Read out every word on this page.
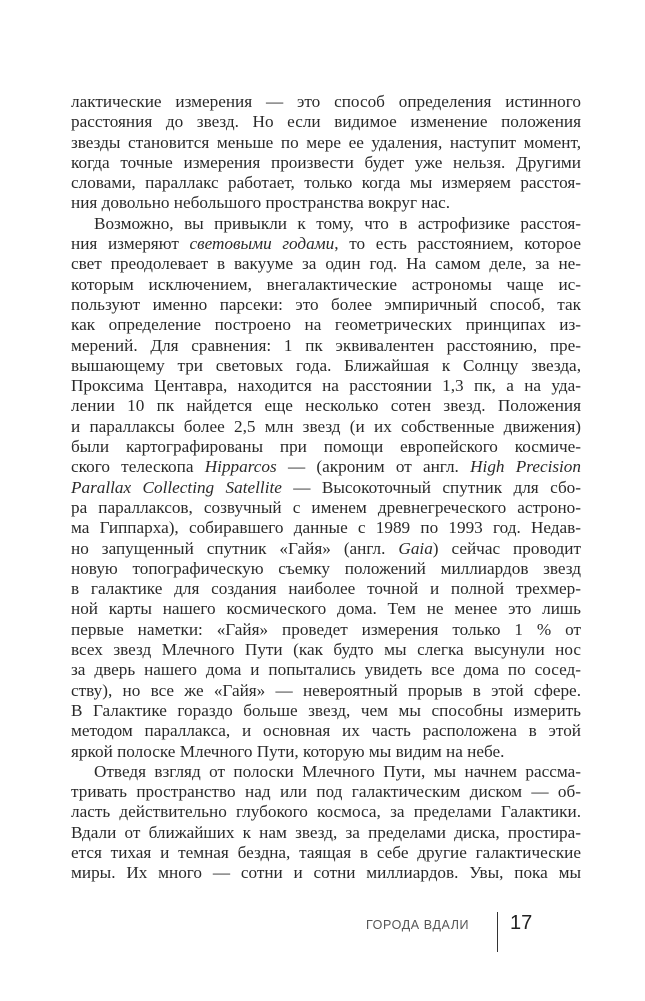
лактические измерения — это способ определения истинного
расстояния до звезд. Но если видимое изменение положения
звезды становится меньше по мере ее удаления, наступит момент,
когда точные измерения произвести будет уже нельзя. Другими
словами, параллакс работает, только когда мы измеряем расстоя-
ния довольно небольшого пространства вокруг нас.
Возможно, вы привыкли к тому, что в астрофизике расстоя-
ния измеряют световыми годами, то есть расстоянием, которое
свет преодолевает в вакууме за один год. На самом деле, за не-
которым исключением, внегалактические астрономы чаще ис-
пользуют именно парсеки: это более эмпиричный способ, так
как определение построено на геометрических принципах из-
мерений. Для сравнения: 1 пк эквивалентен расстоянию, пре-
вышающему три световых года. Ближайшая к Солнцу звезда,
Проксима Центавра, находится на расстоянии 1,3 пк, а на уда-
лении 10 пк найдется еще несколько сотен звезд. Положения
и параллаксы более 2,5 млн звезд (и их собственные движения)
были картографированы при помощи европейского космиче-
ского телескопа Hipparcos — (акроним от англ. High Precision
Parallax Collecting Satellite — Высокоточный спутник для сбо-
ра параллаксов, созвучный с именем древнегреческого астроно-
ма Гиппарха), собиравшего данные с 1989 по 1993 год. Недав-
но запущенный спутник «Гайя» (англ. Gaia) сейчас проводит
новую топографическую съемку положений миллиардов звезд
в галактике для создания наиболее точной и полной трехмер-
ной карты нашего космического дома. Тем не менее это лишь
первые наметки: «Гайя» проведет измерения только 1 % от
всех звезд Млечного Пути (как будто мы слегка высунули нос
за дверь нашего дома и попытались увидеть все дома по сосед-
ству), но все же «Гайя» — невероятный прорыв в этой сфере.
В Галактике гораздо больше звезд, чем мы способны измерить
методом параллакса, и основная их часть расположена в этой
яркой полоске Млечного Пути, которую мы видим на небе.
Отведя взгляд от полоски Млечного Пути, мы начнем рассма-
тривать пространство над или под галактическим диском — об-
ласть действительно глубокого космоса, за пределами Галактики.
Вдали от ближайших к нам звезд, за пределами диска, простира-
ется тихая и темная бездна, таящая в себе другие галактические
миры. Их много — сотни и сотни миллиардов. Увы, пока мы
ГОРОДА ВДАЛИ 17
